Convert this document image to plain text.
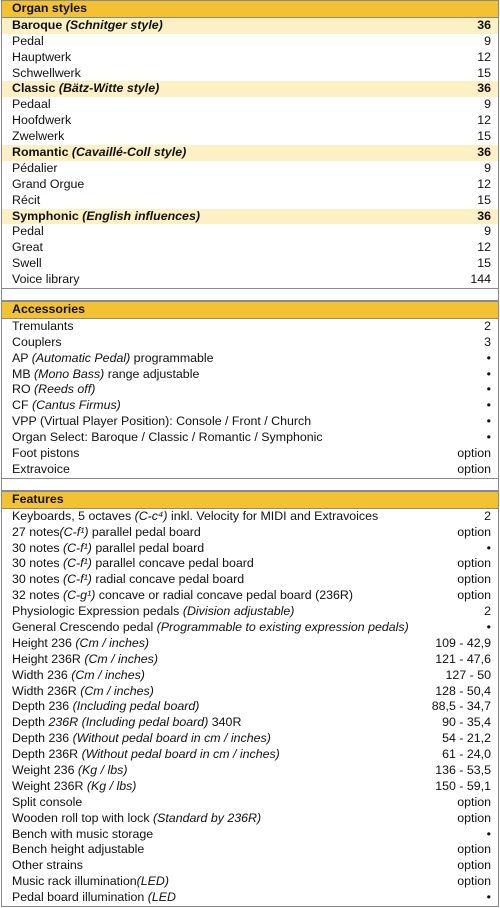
Organ styles
Baroque (Schnitger style)	36
Pedal	9
Hauptwerk	12
Schwellwerk	15
Classic (Bätz-Witte style)	36
Pedaal	9
Hoofdwerk	12
Zwelwerk	15
Romantic (Cavaillé-Coll style)	36
Pédalier	9
Grand Orgue	12
Récit	15
Symphonic (English influences)	36
Pedal	9
Great	12
Swell	15
Voice library	144
Accessories
Tremulants	2
Couplers	3
AP (Automatic Pedal) programmable	•
MB (Mono Bass) range adjustable	•
RO (Reeds off)	•
CF (Cantus Firmus)	•
VPP (Virtual Player Position): Console / Front / Church	•
Organ Select: Baroque / Classic / Romantic / Symphonic	•
Foot pistons	option
Extravoice	option
Features
Keyboards, 5 octaves (C-c⁴) inkl. Velocity for MIDI and Extravoices	2
27 notes(C-f¹) parallel pedal board	option
30 notes (C-f¹) parallel pedal board	•
30 notes (C-f¹) parallel concave pedal board	option
30 notes (C-f¹) radial concave pedal board	option
32 notes (C-g¹) concave or radial concave pedal board (236R)	option
Physiologic Expression pedals (Division adjustable)	2
General Crescendo pedal (Programmable to existing expression pedals)	•
Height 236 (Cm / inches)	109 - 42,9
Height 236R (Cm / inches)	121 - 47,6
Width 236 (Cm / inches)	127 - 50
Width 236R (Cm / inches)	128 - 50,4
Depth 236 (Including pedal board)	88,5 - 34,7
Depth 236R (Including pedal board) 340R	90 - 35,4
Depth 236 (Without pedal board in cm / inches)	54 - 21,2
Depth 236R (Without pedal board in cm / inches)	61 - 24,0
Weight 236 (Kg / lbs)	136 - 53,5
Weight 236R (Kg / lbs)	150 - 59,1
Split console	option
Wooden roll top with lock (Standard by 236R)	option
Bench with music storage	•
Bench height adjustable	option
Other strains	option
Music rack illumination(LED)	option
Pedal board illumination (LED	•
